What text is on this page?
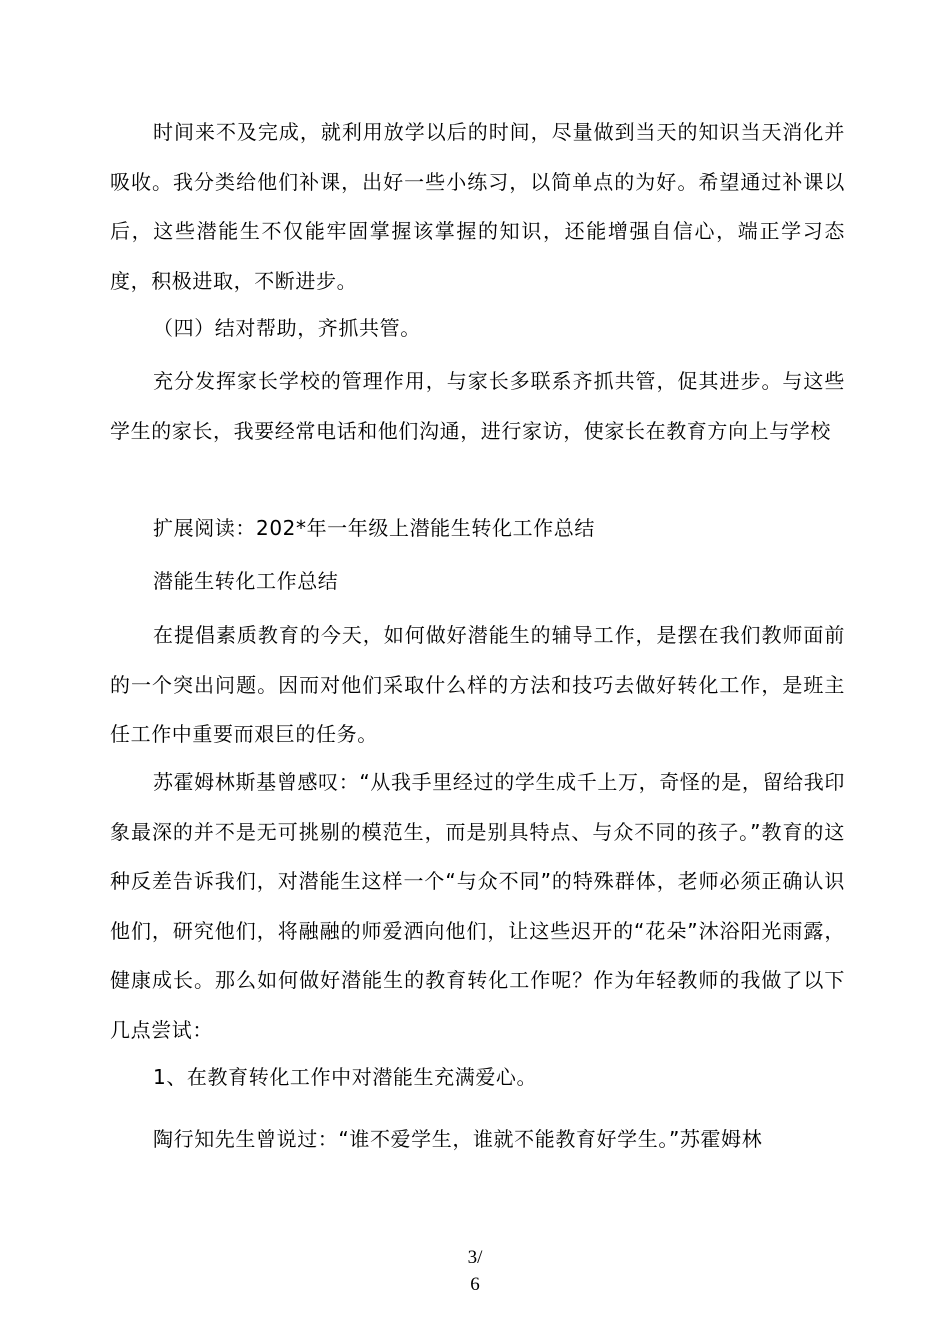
时间来不及完成，就利用放学以后的时间，尽量做到当天的知识当天消化并吸收。我分类给他们补课，出好一些小练习，以简单点的为好。希望通过补课以后，这些潜能生不仅能牢固掌握该掌握的知识，还能增强自信心，端正学习态度，积极进取，不断进步。

（四）结对帮助，齐抓共管。

充分发挥家长学校的管理作用，与家长多联系齐抓共管，促其进步。与这些学生的家长，我要经常电话和他们沟通，进行家访，使家长在教育方向上与学校

扩展阅读：202*年一年级上潜能生转化工作总结

潜能生转化工作总结

在提倡素质教育的今天，如何做好潜能生的辅导工作，是摆在我们教师面前的一个突出问题。因而对他们采取什么样的方法和技巧去做好转化工作，是班主任工作中重要而艰巨的任务。

苏霍姆林斯基曾感叹：“从我手里经过的学生成千上万，奇怪的是，留给我印象最深的并不是无可挑剔的模范生，而是别具特点、与众不同的孩子。”教育的这种反差告诉我们，对潜能生这样一个“与众不同”的特殊群体，老师必须正确认识他们，研究他们，将融融的师爱洒向他们，让这些迟开的“花朵”沐浴阳光雨露，健康成长。那么如何做好潜能生的教育转化工作呢？作为年轻教师的我做了以下几点尝试：

1、在教育转化工作中对潜能生充满爱心。

陶行知先生曾说过：“谁不爱学生，谁就不能教育好学生。”苏霍姆林

3/
6
